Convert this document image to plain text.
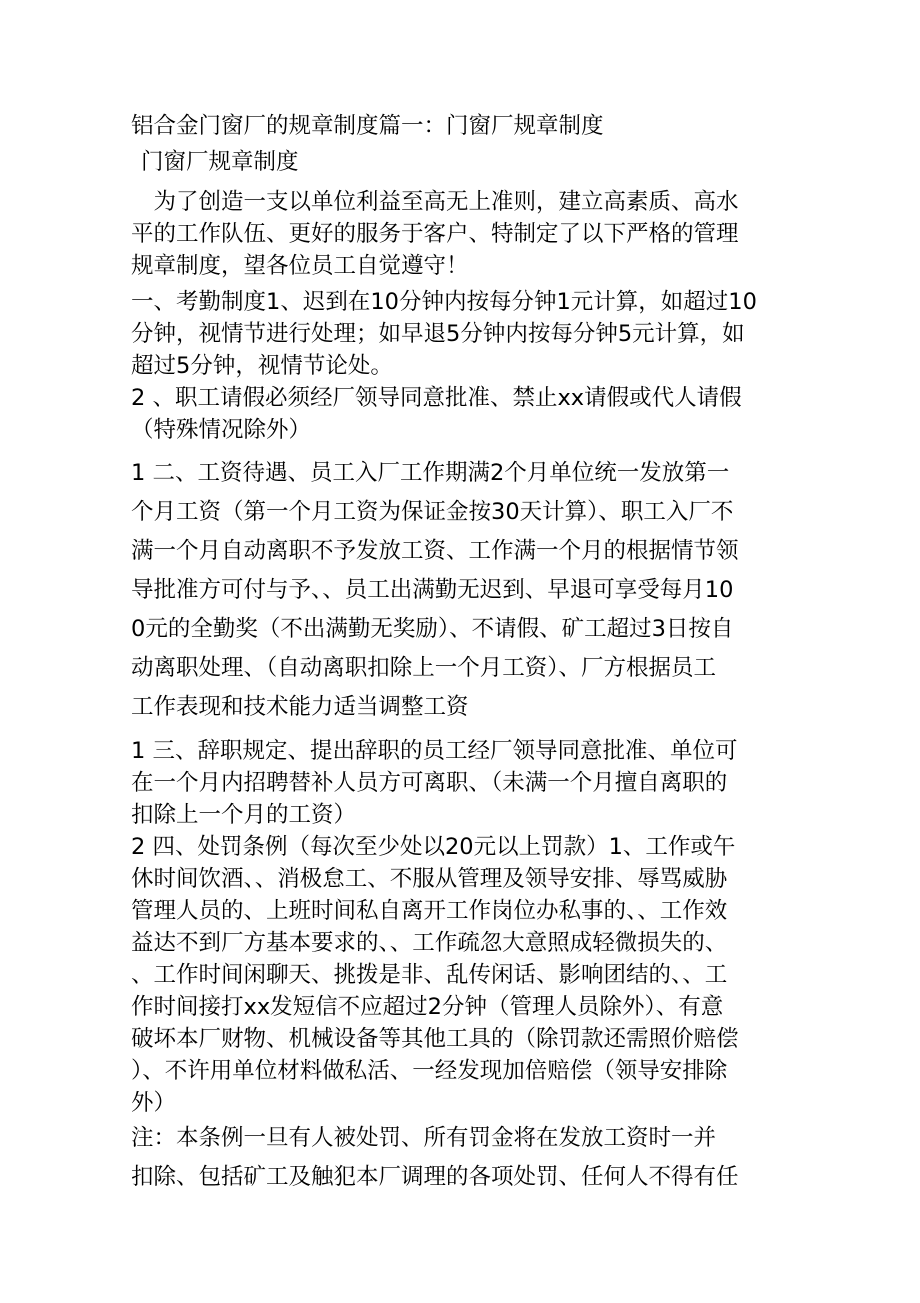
铝合金门窗厂的规章制度篇一：门窗厂规章制度
门窗厂规章制度
　为了创造一支以单位利益至高无上准则，建立高素质、高水
平的工作队伍、更好的服务于客户、特制定了以下严格的管理
规章制度，望各位员工自觉遵守！
一、考勤制度1、迟到在10分钟内按每分钟1元计算，如超过10
分钟，视情节进行处理；如早退5分钟内按每分钟5元计算，如
超过5分钟，视情节论处。
2 、职工请假必须经厂领导同意批准、禁止xx请假或代人请假
（特殊情况除外）
1 二、工资待遇、员工入厂工作期满2个月单位统一发放第一
个月工资（第一个月工资为保证金按30天计算）、职工入厂不
满一个月自动离职不予发放工资、工作满一个月的根据情节领
导批准方可付与予、、员工出满勤无迟到、早退可享受每月10
0元的全勤奖（不出满勤无奖励）、不请假、矿工超过3日按自
动离职处理、（自动离职扣除上一个月工资）、厂方根据员工
工作表现和技术能力适当调整工资
1 三、辞职规定、提出辞职的员工经厂领导同意批准、单位可
在一个月内招聘替补人员方可离职、（未满一个月擅自离职的
扣除上一个月的工资）
2 四、处罚条例（每次至少处以20元以上罚款）1、工作或午
休时间饮酒、、消极怠工、不服从管理及领导安排、辱骂威胁
管理人员的、上班时间私自离开工作岗位办私事的、、工作效
益达不到厂方基本要求的、、工作疏忽大意照成轻微损失的、
、工作时间闲聊天、挑拨是非、乱传闲话、影响团结的、、工
作时间接打xx发短信不应超过2分钟（管理人员除外）、有意
破坏本厂财物、机械设备等其他工具的（除罚款还需照价赔偿
）、不许用单位材料做私活、一经发现加倍赔偿（领导安排除
外）
注：本条例一旦有人被处罚、所有罚金将在发放工资时一并
扣除、包括矿工及触犯本厂调理的各项处罚、任何人不得有任
